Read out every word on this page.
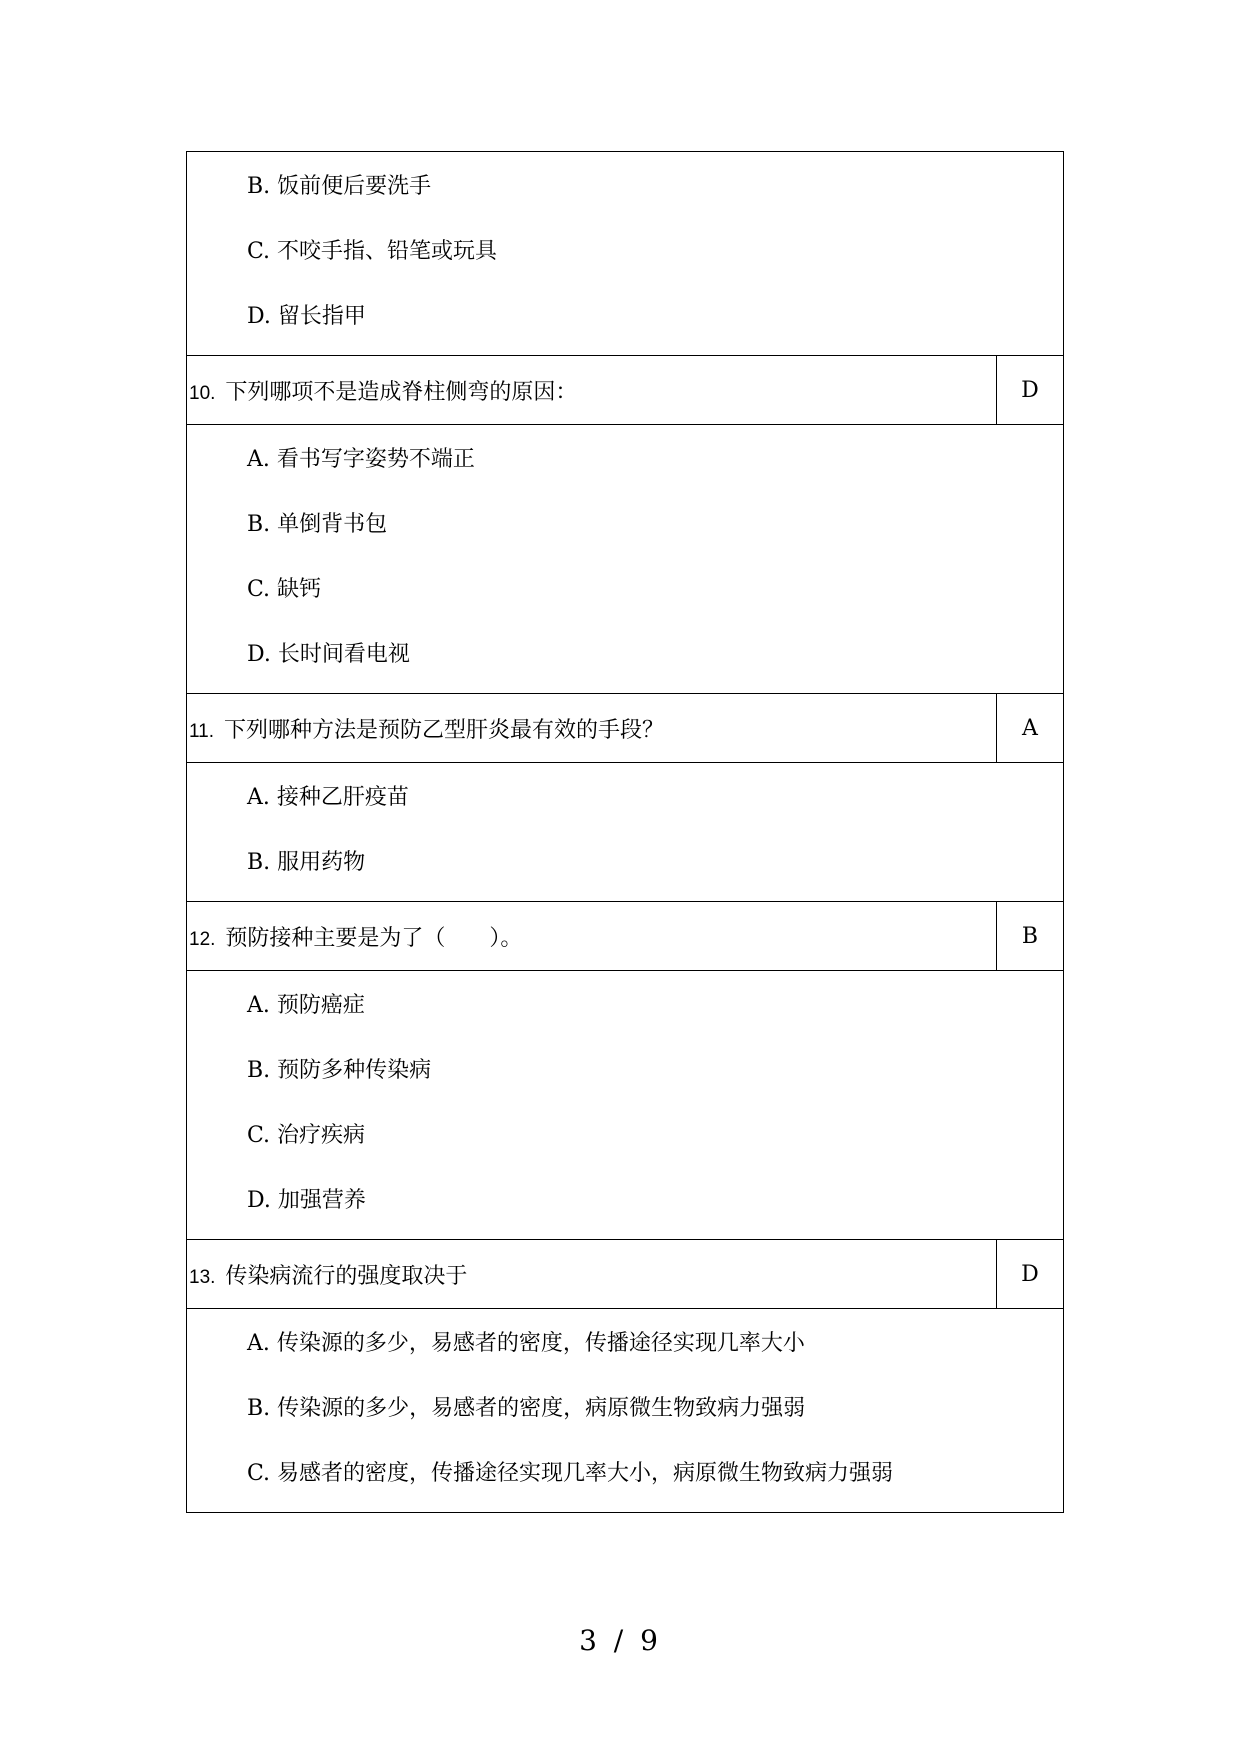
B. 饭前便后要洗手
C. 不咬手指、铅笔或玩具
D. 留长指甲
10. 下列哪项不是造成脊柱侧弯的原因：	D
A. 看书写字姿势不端正
B. 单倒背书包
C. 缺钙
D. 长时间看电视
11. 下列哪种方法是预防乙型肝炎最有效的手段？	A
A. 接种乙肝疫苗
B. 服用药物
12. 预防接种主要是为了（　　）。	B
A. 预防癌症
B. 预防多种传染病
C. 治疗疾病
D. 加强营养
13. 传染病流行的强度取决于	D
A. 传染源的多少，易感者的密度，传播途径实现几率大小
B. 传染源的多少，易感者的密度，病原微生物致病力强弱
C. 易感者的密度，传播途径实现几率大小，病原微生物致病力强弱
3 / 9
